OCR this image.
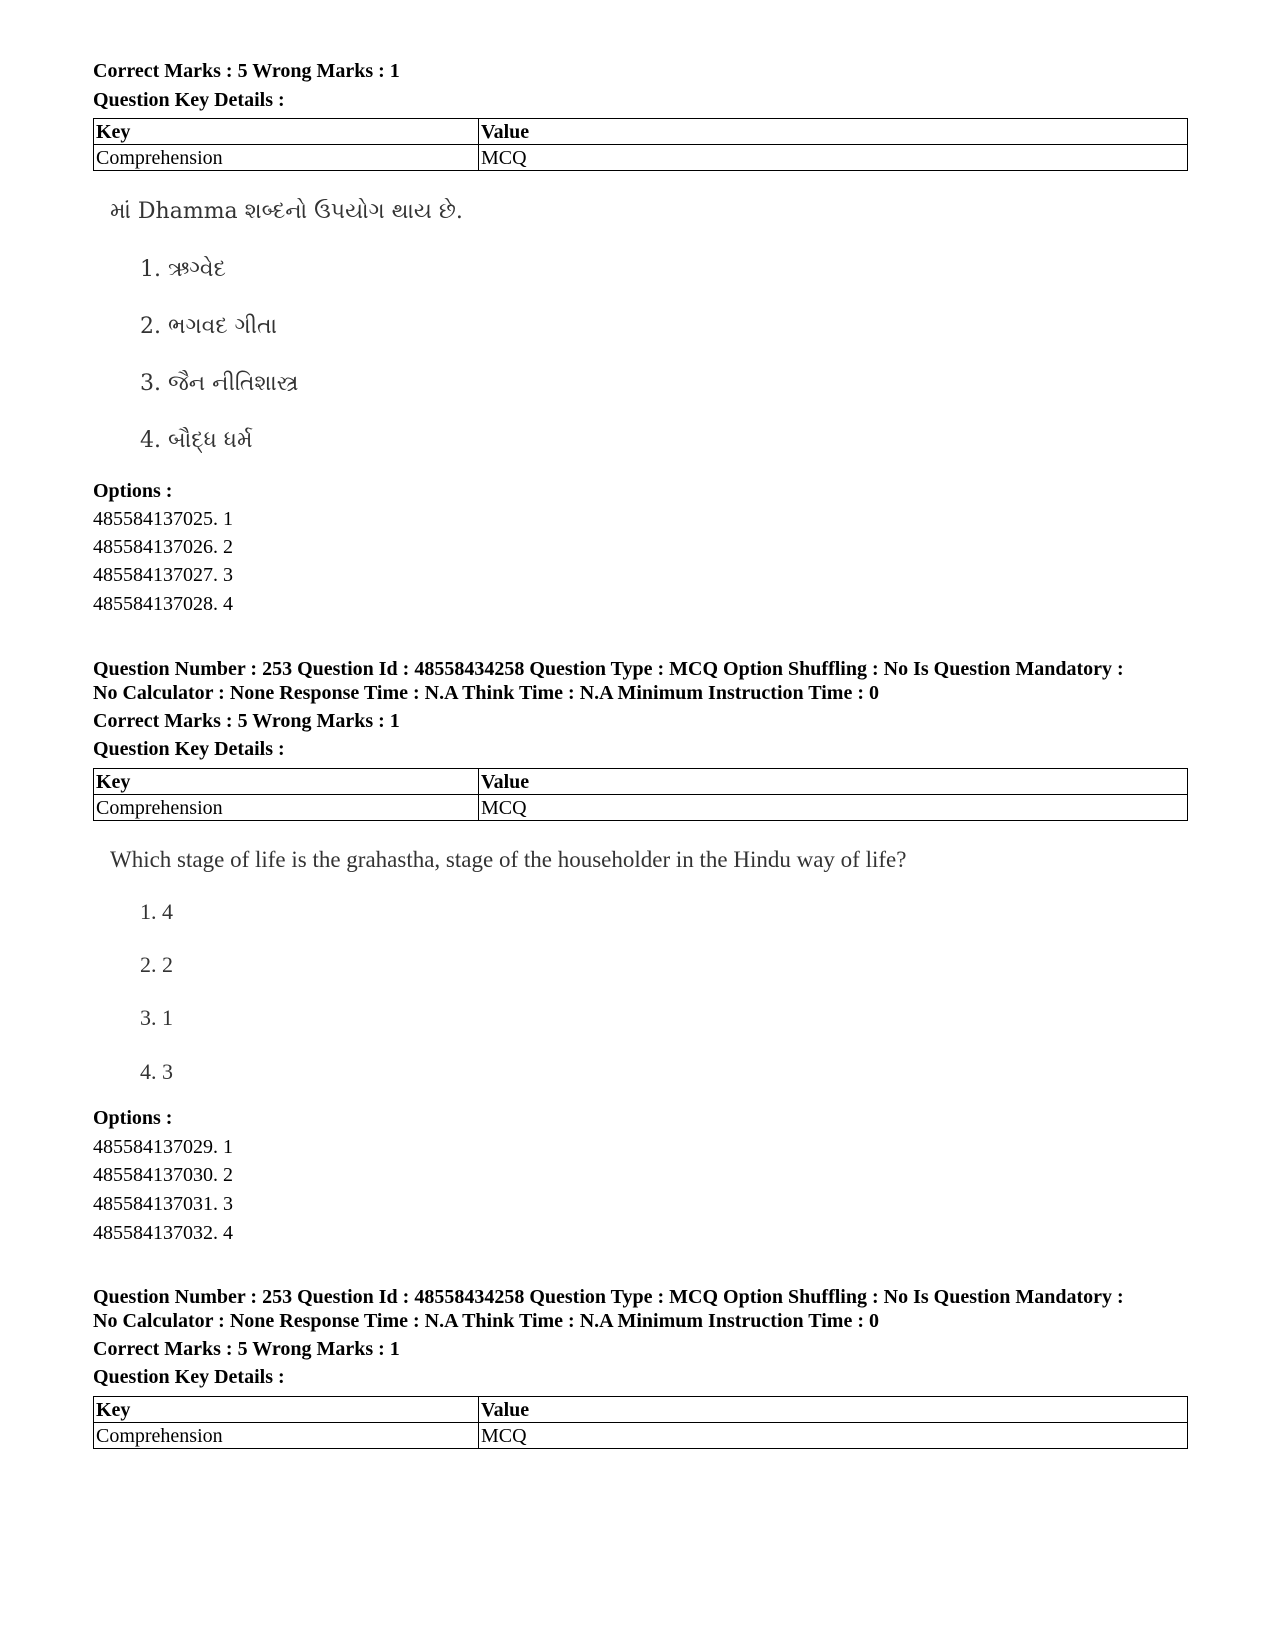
Correct Marks : 5 Wrong Marks : 1
Question Key Details :
Key	Value
Comprehension	MCQ
માં Dhamma શબ્દનો ઉપયોગ થાય છે.
1. ઋગ્વેદ
2. ભગવદ ગીતા
3. જૈન નીતિશાસ્ત્ર
4. બૌદ્ધ ધર્મ
Options :
485584137025. 1
485584137026. 2
485584137027. 3
485584137028. 4
Question Number : 253 Question Id : 48558434258 Question Type : MCQ Option Shuffling : No Is Question Mandatory :
No Calculator : None Response Time : N.A Think Time : N.A Minimum Instruction Time : 0
Correct Marks : 5 Wrong Marks : 1
Question Key Details :
Key	Value
Comprehension	MCQ
Which stage of life is the grahastha, stage of the householder in the Hindu way of life?
1. 4
2. 2
3. 1
4. 3
Options :
485584137029. 1
485584137030. 2
485584137031. 3
485584137032. 4
Question Number : 253 Question Id : 48558434258 Question Type : MCQ Option Shuffling : No Is Question Mandatory :
No Calculator : None Response Time : N.A Think Time : N.A Minimum Instruction Time : 0
Correct Marks : 5 Wrong Marks : 1
Question Key Details :
Key	Value
Comprehension	MCQ
